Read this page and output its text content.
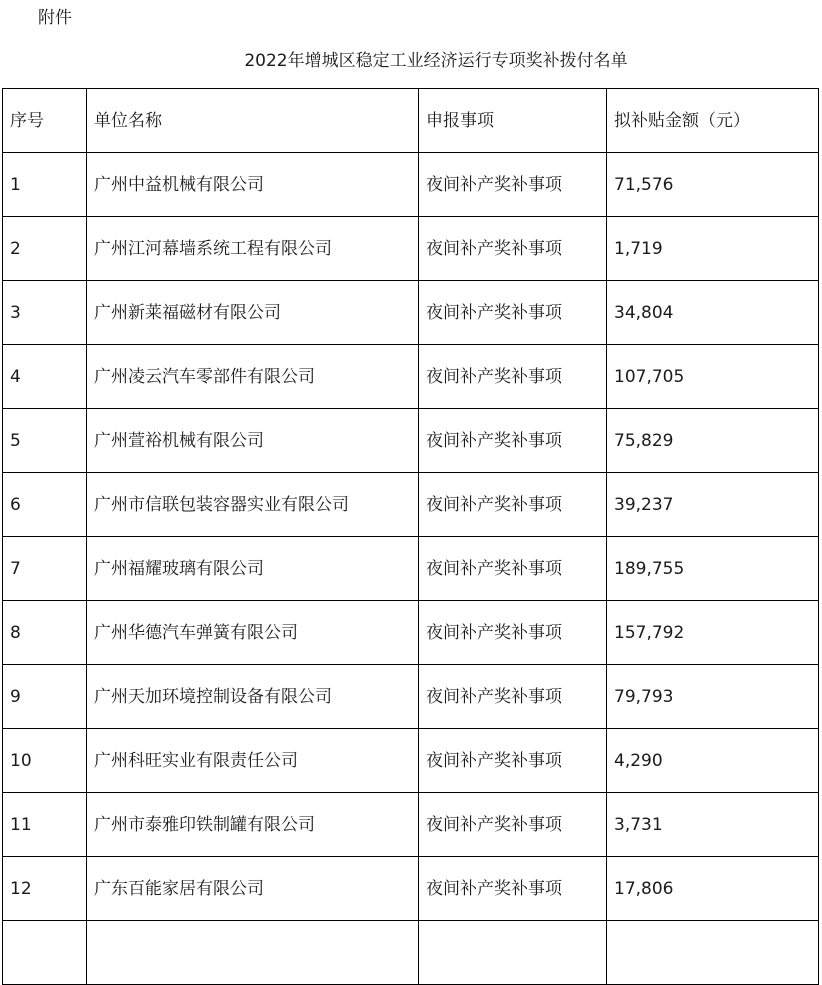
附件
2022年增城区稳定工业经济运行专项奖补拨付名单
序号	单位名称	申报事项	拟补贴金额（元）
1	广州中益机械有限公司	夜间补产奖补事项	71,576
2	广州江河幕墙系统工程有限公司	夜间补产奖补事项	1,719
3	广州新莱福磁材有限公司	夜间补产奖补事项	34,804
4	广州凌云汽车零部件有限公司	夜间补产奖补事项	107,705
5	广州萱裕机械有限公司	夜间补产奖补事项	75,829
6	广州市信联包装容器实业有限公司	夜间补产奖补事项	39,237
7	广州福耀玻璃有限公司	夜间补产奖补事项	189,755
8	广州华德汽车弹簧有限公司	夜间补产奖补事项	157,792
9	广州天加环境控制设备有限公司	夜间补产奖补事项	79,793
10	广州科旺实业有限责任公司	夜间补产奖补事项	4,290
11	广州市泰雅印铁制罐有限公司	夜间补产奖补事项	3,731
12	广东百能家居有限公司	夜间补产奖补事项	17,806
